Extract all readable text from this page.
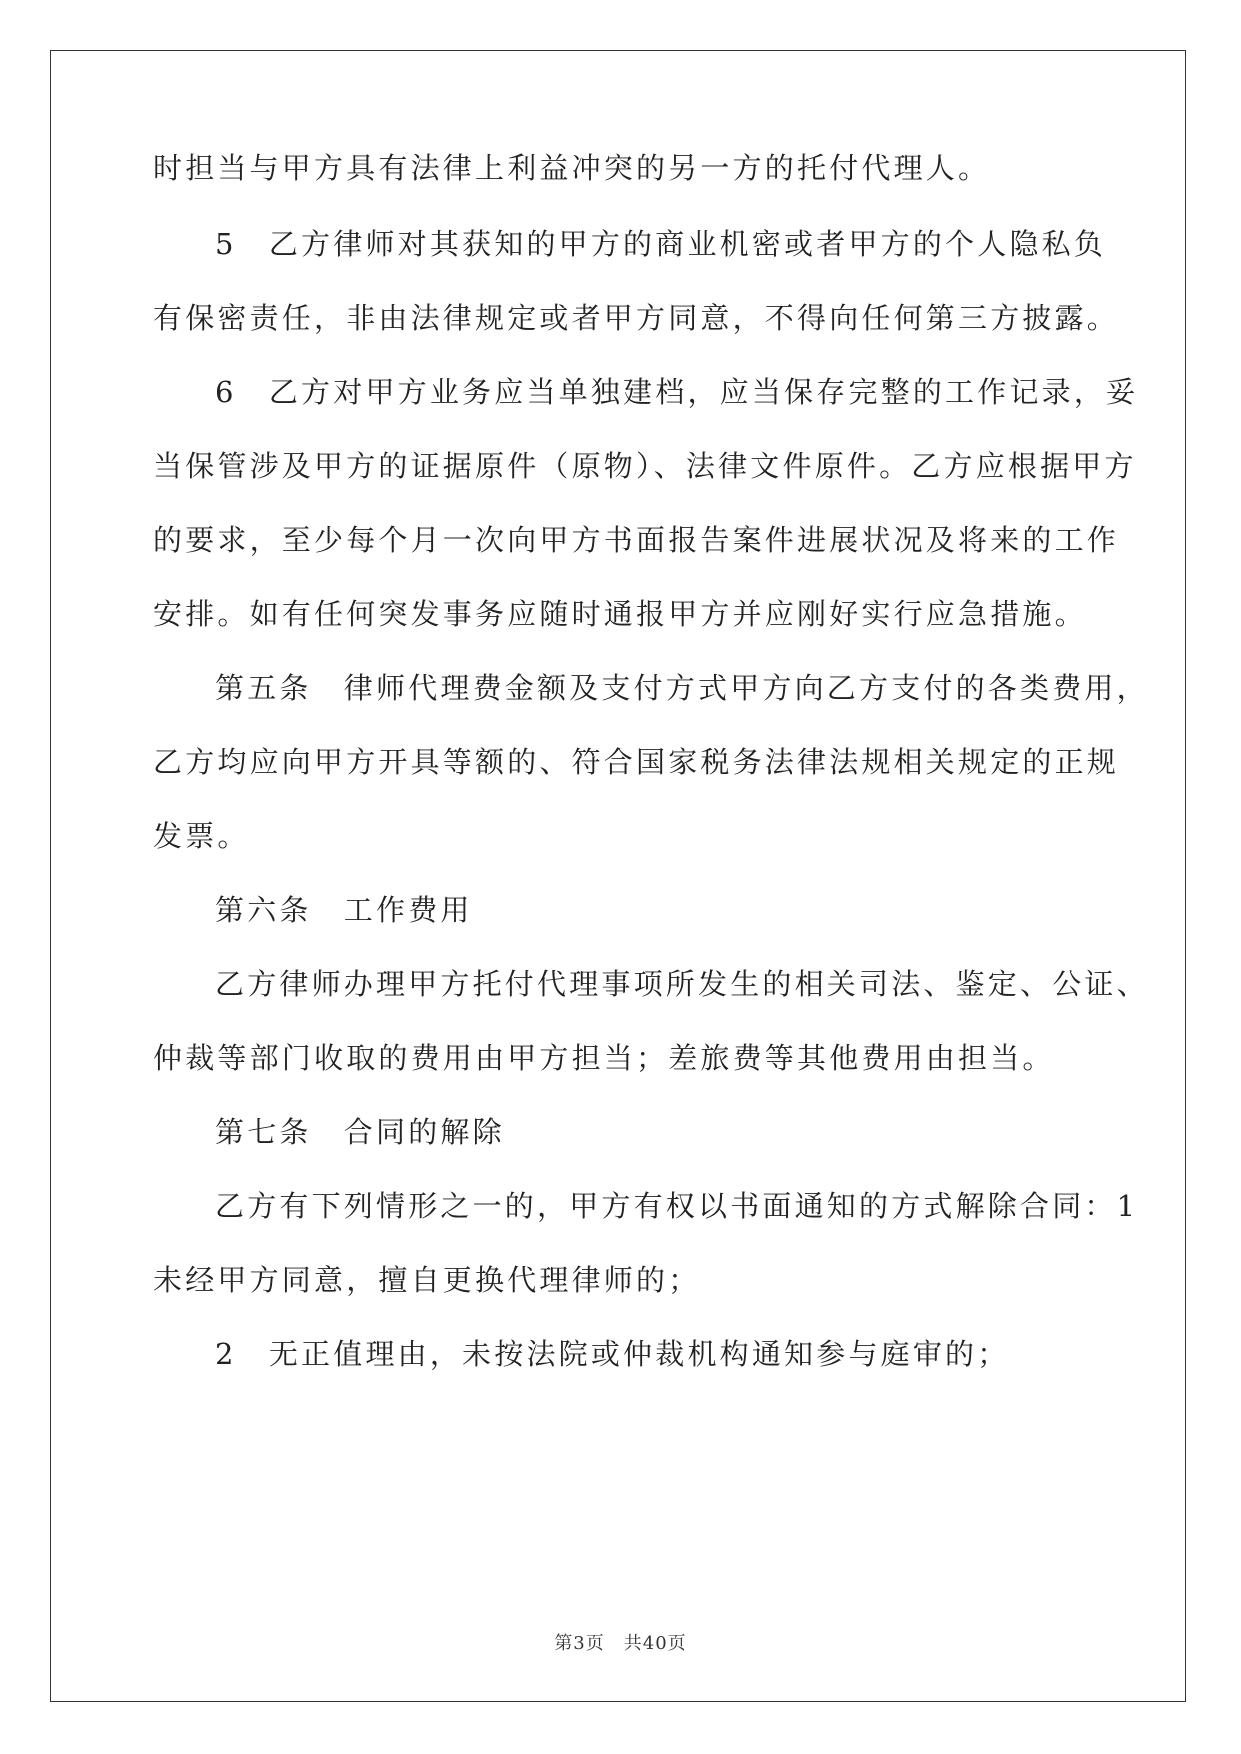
时担当与甲方具有法律上利益冲突的另一方的托付代理人。
5　乙方律师对其获知的甲方的商业机密或者甲方的个人隐私负
有保密责任，非由法律规定或者甲方同意，不得向任何第三方披露。
6　乙方对甲方业务应当单独建档，应当保存完整的工作记录，妥
当保管涉及甲方的证据原件（原物）、法律文件原件。乙方应根据甲方
的要求，至少每个月一次向甲方书面报告案件进展状况及将来的工作
安排。如有任何突发事务应随时通报甲方并应刚好实行应急措施。
第五条　律师代理费金额及支付方式甲方向乙方支付的各类费用，
乙方均应向甲方开具等额的、符合国家税务法律法规相关规定的正规
发票。
第六条　工作费用
乙方律师办理甲方托付代理事项所发生的相关司法、鉴定、公证、
仲裁等部门收取的费用由甲方担当；差旅费等其他费用由担当。
第七条　合同的解除
乙方有下列情形之一的，甲方有权以书面通知的方式解除合同：1
未经甲方同意，擅自更换代理律师的；
2　无正值理由，未按法院或仲裁机构通知参与庭审的；
第3页　共40页
